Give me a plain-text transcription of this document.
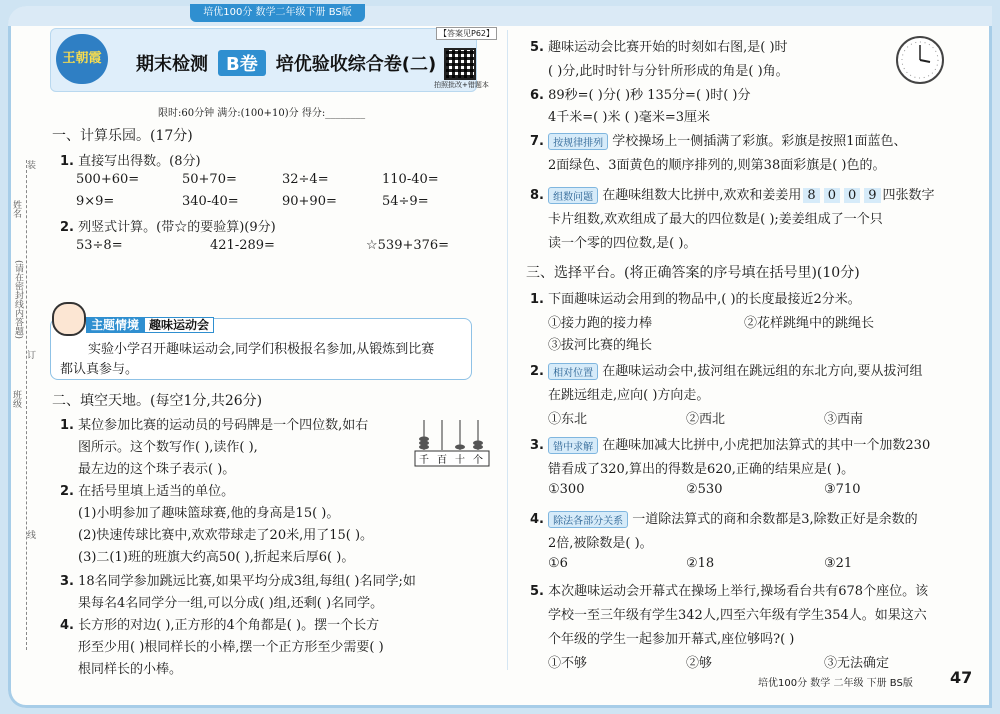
培优100分 数学二年级下册 BS版
姓名
(请在密封线内答题)
班级
装
订
线
王朝霞	期末检测 B卷 培优验收综合卷(二)
【答案见P62】
拍照批改+错题本
限时:60分钟 满分:(100+10)分 得分:________
一、计算乐园。(17分)
1. 直接写出得数。(8分)
500+60=	50+70=	32÷4=	110-40=
9×9=	340-40=	90+90=	54÷9=
2. 列竖式计算。(带☆的要验算)(9分)
53÷8=	421-289=	☆539+376=
主题情境 趣味运动会
实验小学召开趣味运动会,同学们积极报名参加,从锻炼到比赛
都认真参与。
二、填空天地。(每空1分,共26分)
1. 某位参加比赛的运动员的号码牌是一个四位数,如右
图所示。这个数写作( ),读作( ),
最左边的这个珠子表示( )。
千 百 十 个
2. 在括号里填上适当的单位。
(1)小明参加了趣味篮球赛,他的身高是15( )。
(2)快速传球比赛中,欢欢带球走了20米,用了15( )。
(3)二(1)班的班旗大约高50( ),折起来后厚6( )。
3. 18名同学参加跳远比赛,如果平均分成3组,每组( )名同学;如
果每名4名同学分一组,可以分成( )组,还剩( )名同学。
4. 长方形的对边( ),正方形的4个角都是( )。摆一个长方
形至少用( )根同样长的小棒,摆一个正方形至少需要( )
根同样长的小棒。
5. 趣味运动会比赛开始的时刻如右图,是( )时
( )分,此时时针与分针所形成的角是( )角。
6. 89秒=( )分( )秒 135分=( )时( )分
4千米=( )米 ( )毫米=3厘米
7. 按规律排列 学校操场上一侧插满了彩旗。彩旗是按照1面蓝色、
2面绿色、3面黄色的顺序排列的,则第38面彩旗是( )色的。
8. 组数问题 在趣味组数大比拼中,欢欢和姜姜用 8 0 0 9 四张数字
卡片组数,欢欢组成了最大的四位数是( );姜姜组成了一个只
读一个零的四位数,是( )。
三、选择平台。(将正确答案的序号填在括号里)(10分)
1. 下面趣味运动会用到的物品中,( )的长度最接近2分米。
①接力跑的接力棒	②花样跳绳中的跳绳长
③拔河比赛的绳长
2. 相对位置 在趣味运动会中,拔河组在跳远组的东北方向,要从拔河组
在跳远组走,应向( )方向走。
①东北	②西北	③西南
3. 错中求解 在趣味加减大比拼中,小虎把加法算式的其中一个加数230
错看成了320,算出的得数是620,正确的结果应是( )。
①300	②530	③710
4. 除法各部分关系 一道除法算式的商和余数都是3,除数正好是余数的
2倍,被除数是( )。
①6	②18	③21
5. 本次趣味运动会开幕式在操场上举行,操场看台共有678个座位。该
学校一至三年级有学生342人,四至六年级有学生354人。如果这六
个年级的学生一起参加开幕式,座位够吗?( )
①不够	②够	③无法确定
培优100分 数学 二年级 下册 BS版 47
